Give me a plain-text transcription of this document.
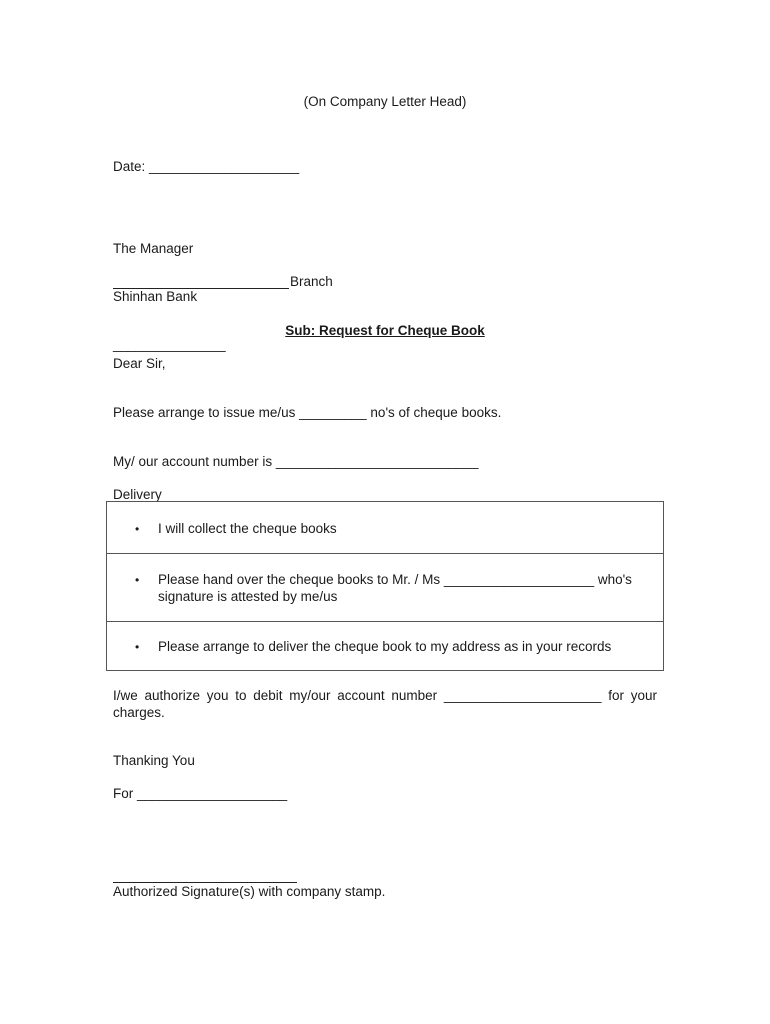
(On Company Letter Head)
Date: ____________________

The Manager

Shinhan Bank

_______________

Branch
Sub: Request for Cheque Book
Dear Sir,
Please arrange to issue me/us _________ no's of cheque books.
My/ our account number is ___________________________
Delivery
• I will collect the cheque books
• Please hand over the cheque books to Mr. / Ms ____________________ who's signature is attested by me/us
• Please arrange to deliver the cheque book to my address as in your records
I/we authorize you to debit my/our account number _____________________ for your charges.
Thanking You
For ____________________
Authorized Signature(s) with company stamp.
